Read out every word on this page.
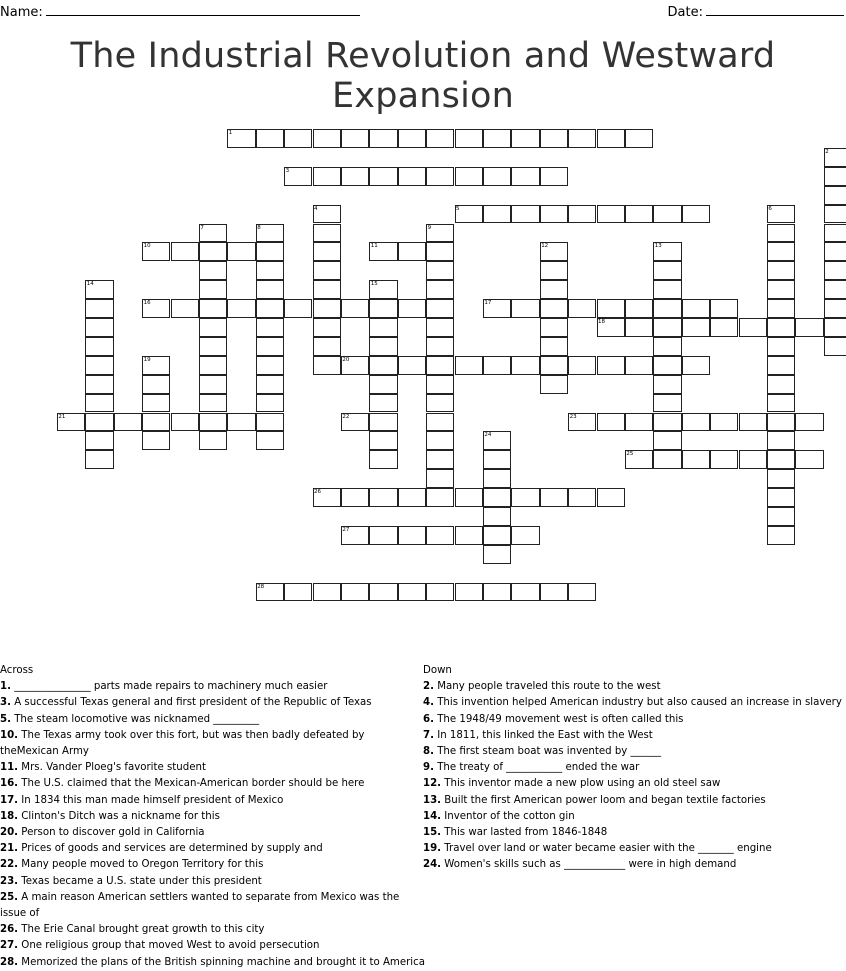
Name:	Date:
The Industrial Revolution and Westward Expansion
1
2
3
4	5	6
7	8	9
10	11	12	13
14	15
16	17
18
19	20
21	22	23
24
25
26
27
28
Across
1. _______________ parts made repairs to machinery much easier
3. A successful Texas general and first president of the Republic of Texas
5. The steam locomotive was nicknamed _________
10. The Texas army took over this fort, but was then badly defeated by theMexican Army
11. Mrs. Vander Ploeg's favorite student
16. The U.S. claimed that the Mexican-American border should be here
17. In 1834 this man made himself president of Mexico
18. Clinton's Ditch was a nickname for this
20. Person to discover gold in California
21. Prices of goods and services are determined by supply and
22. Many people moved to Oregon Territory for this
23. Texas became a U.S. state under this president
25. A main reason American settlers wanted to separate from Mexico was the issue of
26. The Erie Canal brought great growth to this city
27. One religious group that moved West to avoid persecution
28. Memorized the plans of the British spinning machine and brought it to America
Down
2. Many people traveled this route to the west
4. This invention helped American industry but also caused an increase in slavery
6. The 1948/49 movement west is often called this
7. In 1811, this linked the East with the West
8. The first steam boat was invented by ______
9. The treaty of ___________ ended the war
12. This inventor made a new plow using an old steel saw
13. Built the first American power loom and began textile factories
14. Inventor of the cotton gin
15. This war lasted from 1846-1848
19. Travel over land or water became easier with the _______ engine
24. Women's skills such as ____________ were in high demand
